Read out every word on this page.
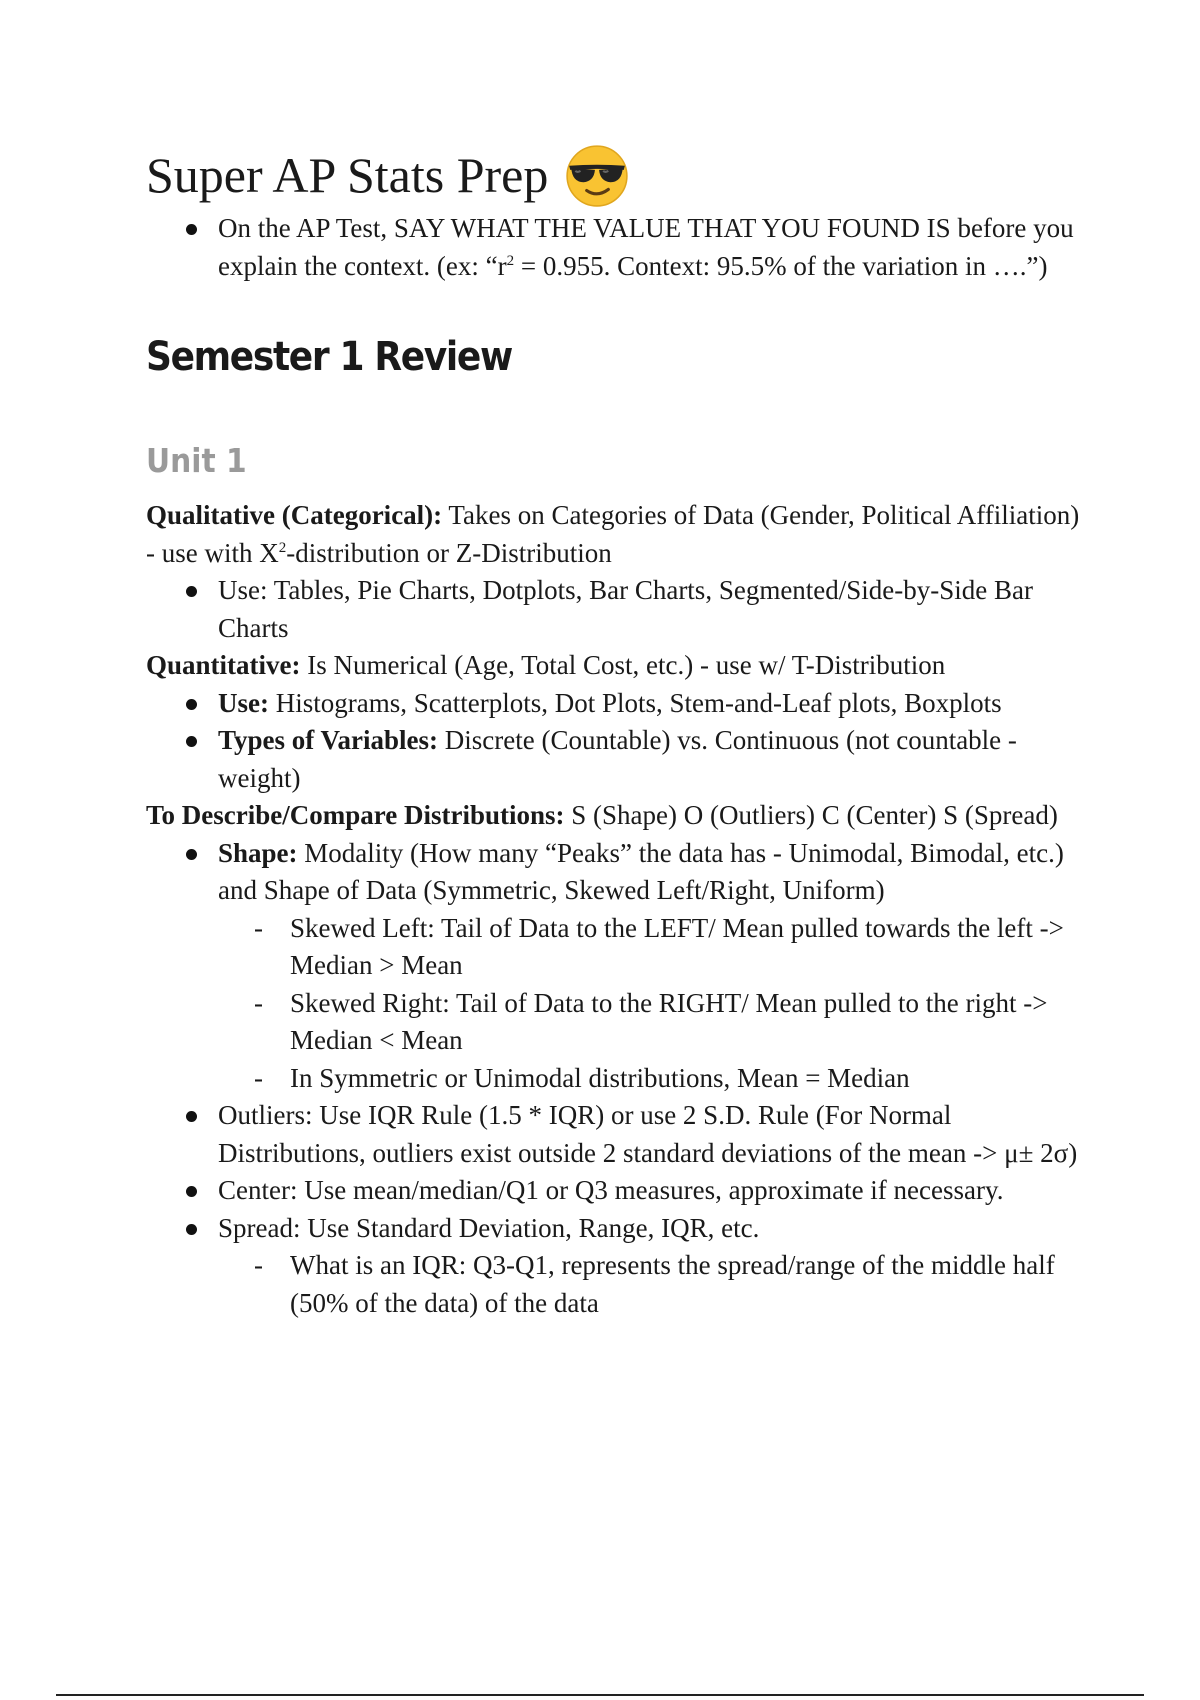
Super AP Stats Prep
On the AP Test, SAY WHAT THE VALUE THAT YOU FOUND IS before you explain the context. (ex: “$r^2 = 0.955$. Context: 95.5% of the variation in ….”)
Semester 1 Review
Unit 1

Qualitative (Categorical): Takes on Categories of Data (Gender, Political Affiliation) - use with $X^2$-distribution or Z-Distribution

Use: Tables, Pie Charts, Dotplots, Bar Charts, Segmented/Side-by-Side Bar Charts

Quantitative: Is Numerical (Age, Total Cost, etc.) - use w/ T-Distribution

Use: Histograms, Scatterplots, Dot Plots, Stem-and-Leaf plots, Boxplots
Types of Variables: Discrete (Countable) vs. Continuous (not countable - weight)

To Describe/Compare Distributions: S (Shape) O (Outliers) C (Center) S (Spread)

Shape: Modality (How many “Peaks” the data has - Unimodal, Bimodal, etc.) and Shape of Data (Symmetric, Skewed Left/Right, Uniform)
- Skewed Left: Tail of Data to the LEFT/ Mean pulled towards the left -> Median > Mean
- Skewed Right: Tail of Data to the RIGHT/ Mean pulled to the right -> Median < Mean
- In Symmetric or Unimodal distributions, Mean = Median
Outliers: Use IQR Rule (1.5 * IQR) or use 2 S.D. Rule (For Normal Distributions, outliers exist outside 2 standard deviations of the mean -> μ± 2σ)
Center: Use mean/median/Q1 or Q3 measures, approximate if necessary.
Spread: Use Standard Deviation, Range, IQR, etc.
- What is an IQR: Q3-Q1, represents the spread/range of the middle half (50% of the data) of the data
